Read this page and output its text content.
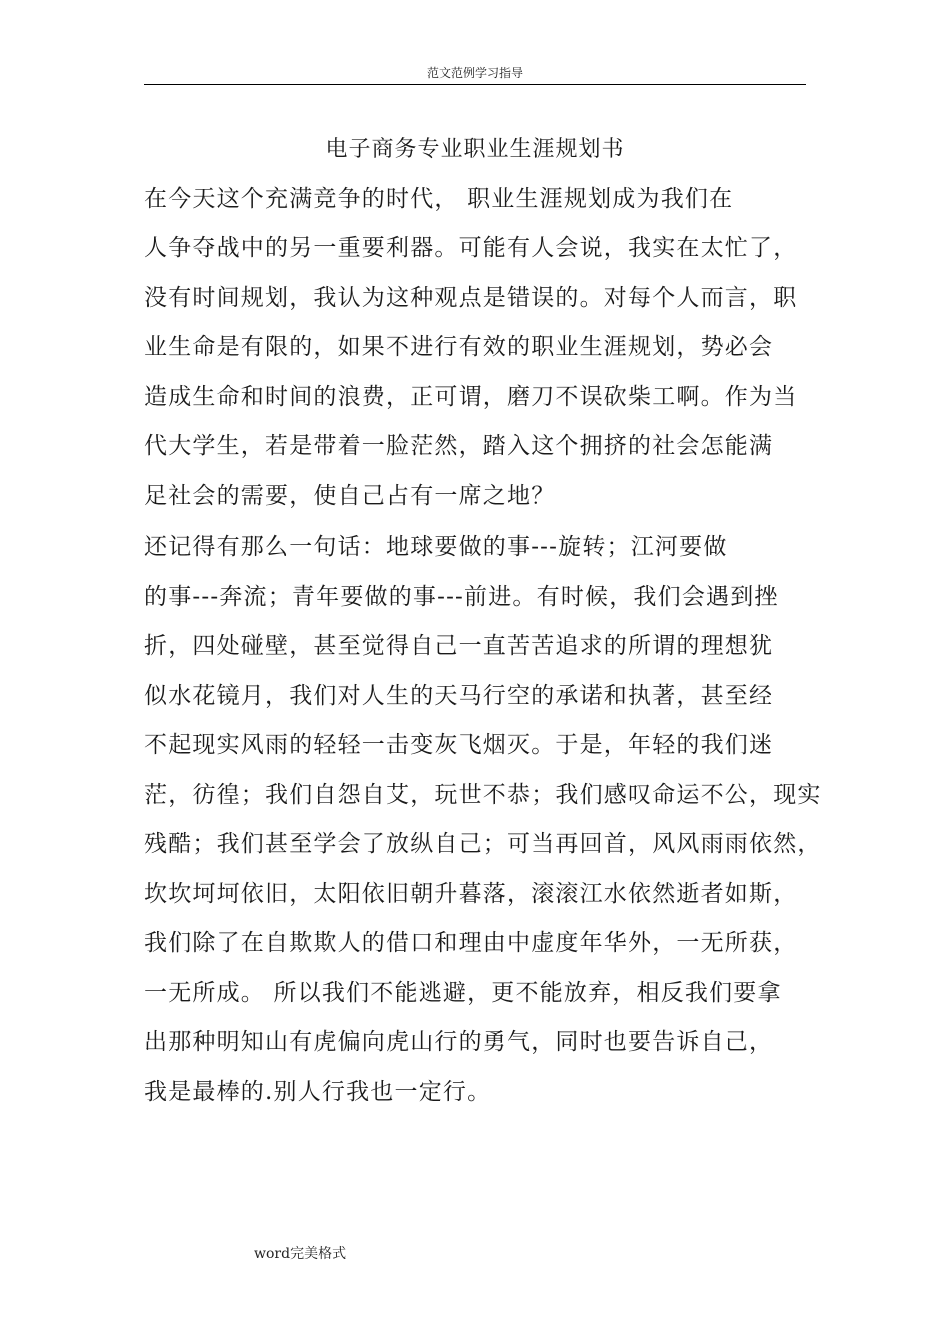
范文范例学习指导
电子商务专业职业生涯规划书
在今天这个充满竞争的时代， 职业生涯规划成为我们在
人争夺战中的另一重要利器。可能有人会说，我实在太忙了，
没有时间规划，我认为这种观点是错误的。对每个人而言，职
业生命是有限的，如果不进行有效的职业生涯规划，势必会
造成生命和时间的浪费，正可谓，磨刀不误砍柴工啊。作为当
代大学生，若是带着一脸茫然，踏入这个拥挤的社会怎能满
足社会的需要，使自己占有一席之地？
还记得有那么一句话：地球要做的事---旋转；江河要做
的事---奔流；青年要做的事---前进。有时候，我们会遇到挫
折，四处碰壁，甚至觉得自己一直苦苦追求的所谓的理想犹
似水花镜月，我们对人生的天马行空的承诺和执著，甚至经
不起现实风雨的轻轻一击变灰飞烟灭。于是，年轻的我们迷
茫，彷徨；我们自怨自艾，玩世不恭；我们感叹命运不公，现实
残酷；我们甚至学会了放纵自己；可当再回首，风风雨雨依然，
坎坎坷坷依旧，太阳依旧朝升暮落，滚滚江水依然逝者如斯，
我们除了在自欺欺人的借口和理由中虚度年华外，一无所获，
一无所成。 所以我们不能逃避，更不能放弃，相反我们要拿
出那种明知山有虎偏向虎山行的勇气，同时也要告诉自己，
我是最棒的.别人行我也一定行。
word完美格式
